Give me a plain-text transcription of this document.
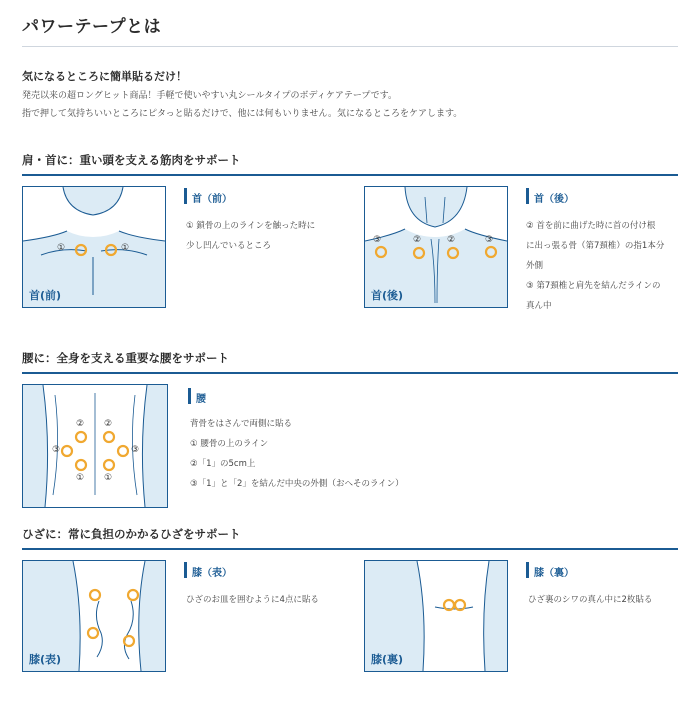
パワーテープとは
気になるところに簡単貼るだけ！
発売以来の超ロングヒット商品！手軽で使いやすい丸シールタイプのボディケアテープです。
指で押して気持ちいいところにピタっと貼るだけで、他には何もいりません。気になるところをケアします。
肩・首に：重い頭を支える筋肉をサポート
①	①
首(前)
首（前）
① 鎖骨の上のラインを触った時に
少し凹んでいるところ
③	②	②	③
首(後)
首（後）
② 首を前に曲げた時に首の付け根
に出っ張る骨（第7頚椎）の指1本分
外側
③ 第7頚椎と肩先を結んだラインの
真ん中
腰に：全身を支える重要な腰をサポート
② ②
③	③
① ①
腰
背骨をはさんで両側に貼る
① 腰骨の上のライン
②「1」の5cm上
③「1」と「2」を結んだ中央の外側（おへそのライン）
ひざに：常に負担のかかるひざをサポート
膝(表)
膝（表）
ひざのお皿を囲むように4点に貼る
膝(裏)
膝（裏）
ひざ裏のシワの真ん中に2枚貼る
